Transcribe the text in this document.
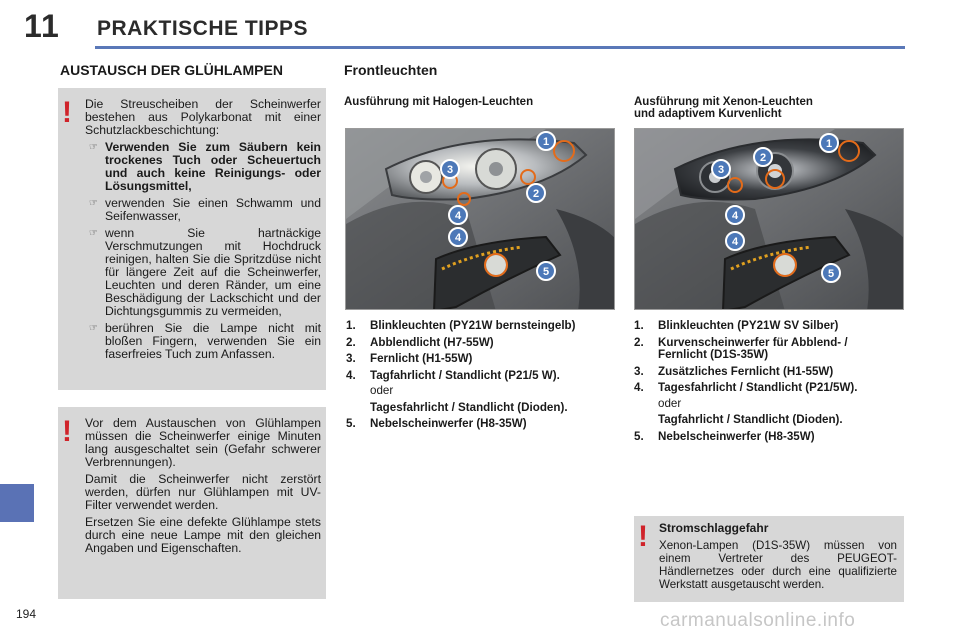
11 PRAKTISCHE TIPPS
AUSTAUSCH DER GLÜHLAMPEN	Frontleuchten
! Die Streuscheiben der Scheinwerfer bestehen aus Polykarbonat mit einer Schutzlackbeschichtung:

☞ Verwenden Sie zum Säubern kein trockenes Tuch oder Scheuertuch und auch keine Reinigungs- oder Lösungsmittel,
☞ verwenden Sie einen Schwamm und Seifenwasser,
☞ wenn Sie hartnäckige Verschmutzungen mit Hochdruck reinigen, halten Sie die Spritzdüse nicht für längere Zeit auf die Scheinwerfer, Leuchten und deren Ränder, um eine Beschädigung der Lackschicht und der Dichtungsgummis zu vermeiden,
☞ berühren Sie die Lampe nicht mit bloßen Fingern, verwenden Sie ein faserfreies Tuch zum Anfassen.
! Vor dem Austauschen von Glühlampen müssen die Scheinwerfer einige Minuten lang ausgeschaltet sein (Gefahr schwerer Verbrennungen).

Damit die Scheinwerfer nicht zerstört werden, dürfen nur Glühlampen mit UV-Filter verwendet werden.

Ersetzen Sie eine defekte Glühlampe stets durch eine neue Lampe mit den gleichen Angaben und Eigenschaften.

Ausführung mit Halogen-Leuchten	Ausführung mit Xenon-Leuchten
und adaptivem Kurvenlicht
1
2
3
4
4
5
1
2
3
4
4
5
1.	Blinkleuchten (PY21W bernsteingelb)
2.	Abblendlicht (H7-55W)
3.	Fernlicht (H1-55W)
4.	Tagfahrlicht / Standlicht (P21/5 W).
oder
Tagesfahrlicht / Standlicht (Dioden).
5.	Nebelscheinwerfer (H8-35W)
1.	Blinkleuchten (PY21W SV Silber)
2.	Kurvenscheinwerfer für Abblend- / Fernlicht (D1S-35W)
3.	Zusätzliches Fernlicht (H1-55W)
4.	Tagesfahrlicht / Standlicht (P21/5W).
oder
Tagfahrlicht / Standlicht (Dioden).
5.	Nebelscheinwerfer (H8-35W)
! Stromschlaggefahr

Xenon-Lampen (D1S-35W) müssen von einem Vertreter des PEUGEOT-Händlernetzes oder durch eine qualifizierte Werkstatt ausgetauscht werden.

194	carmanualsonline.info
